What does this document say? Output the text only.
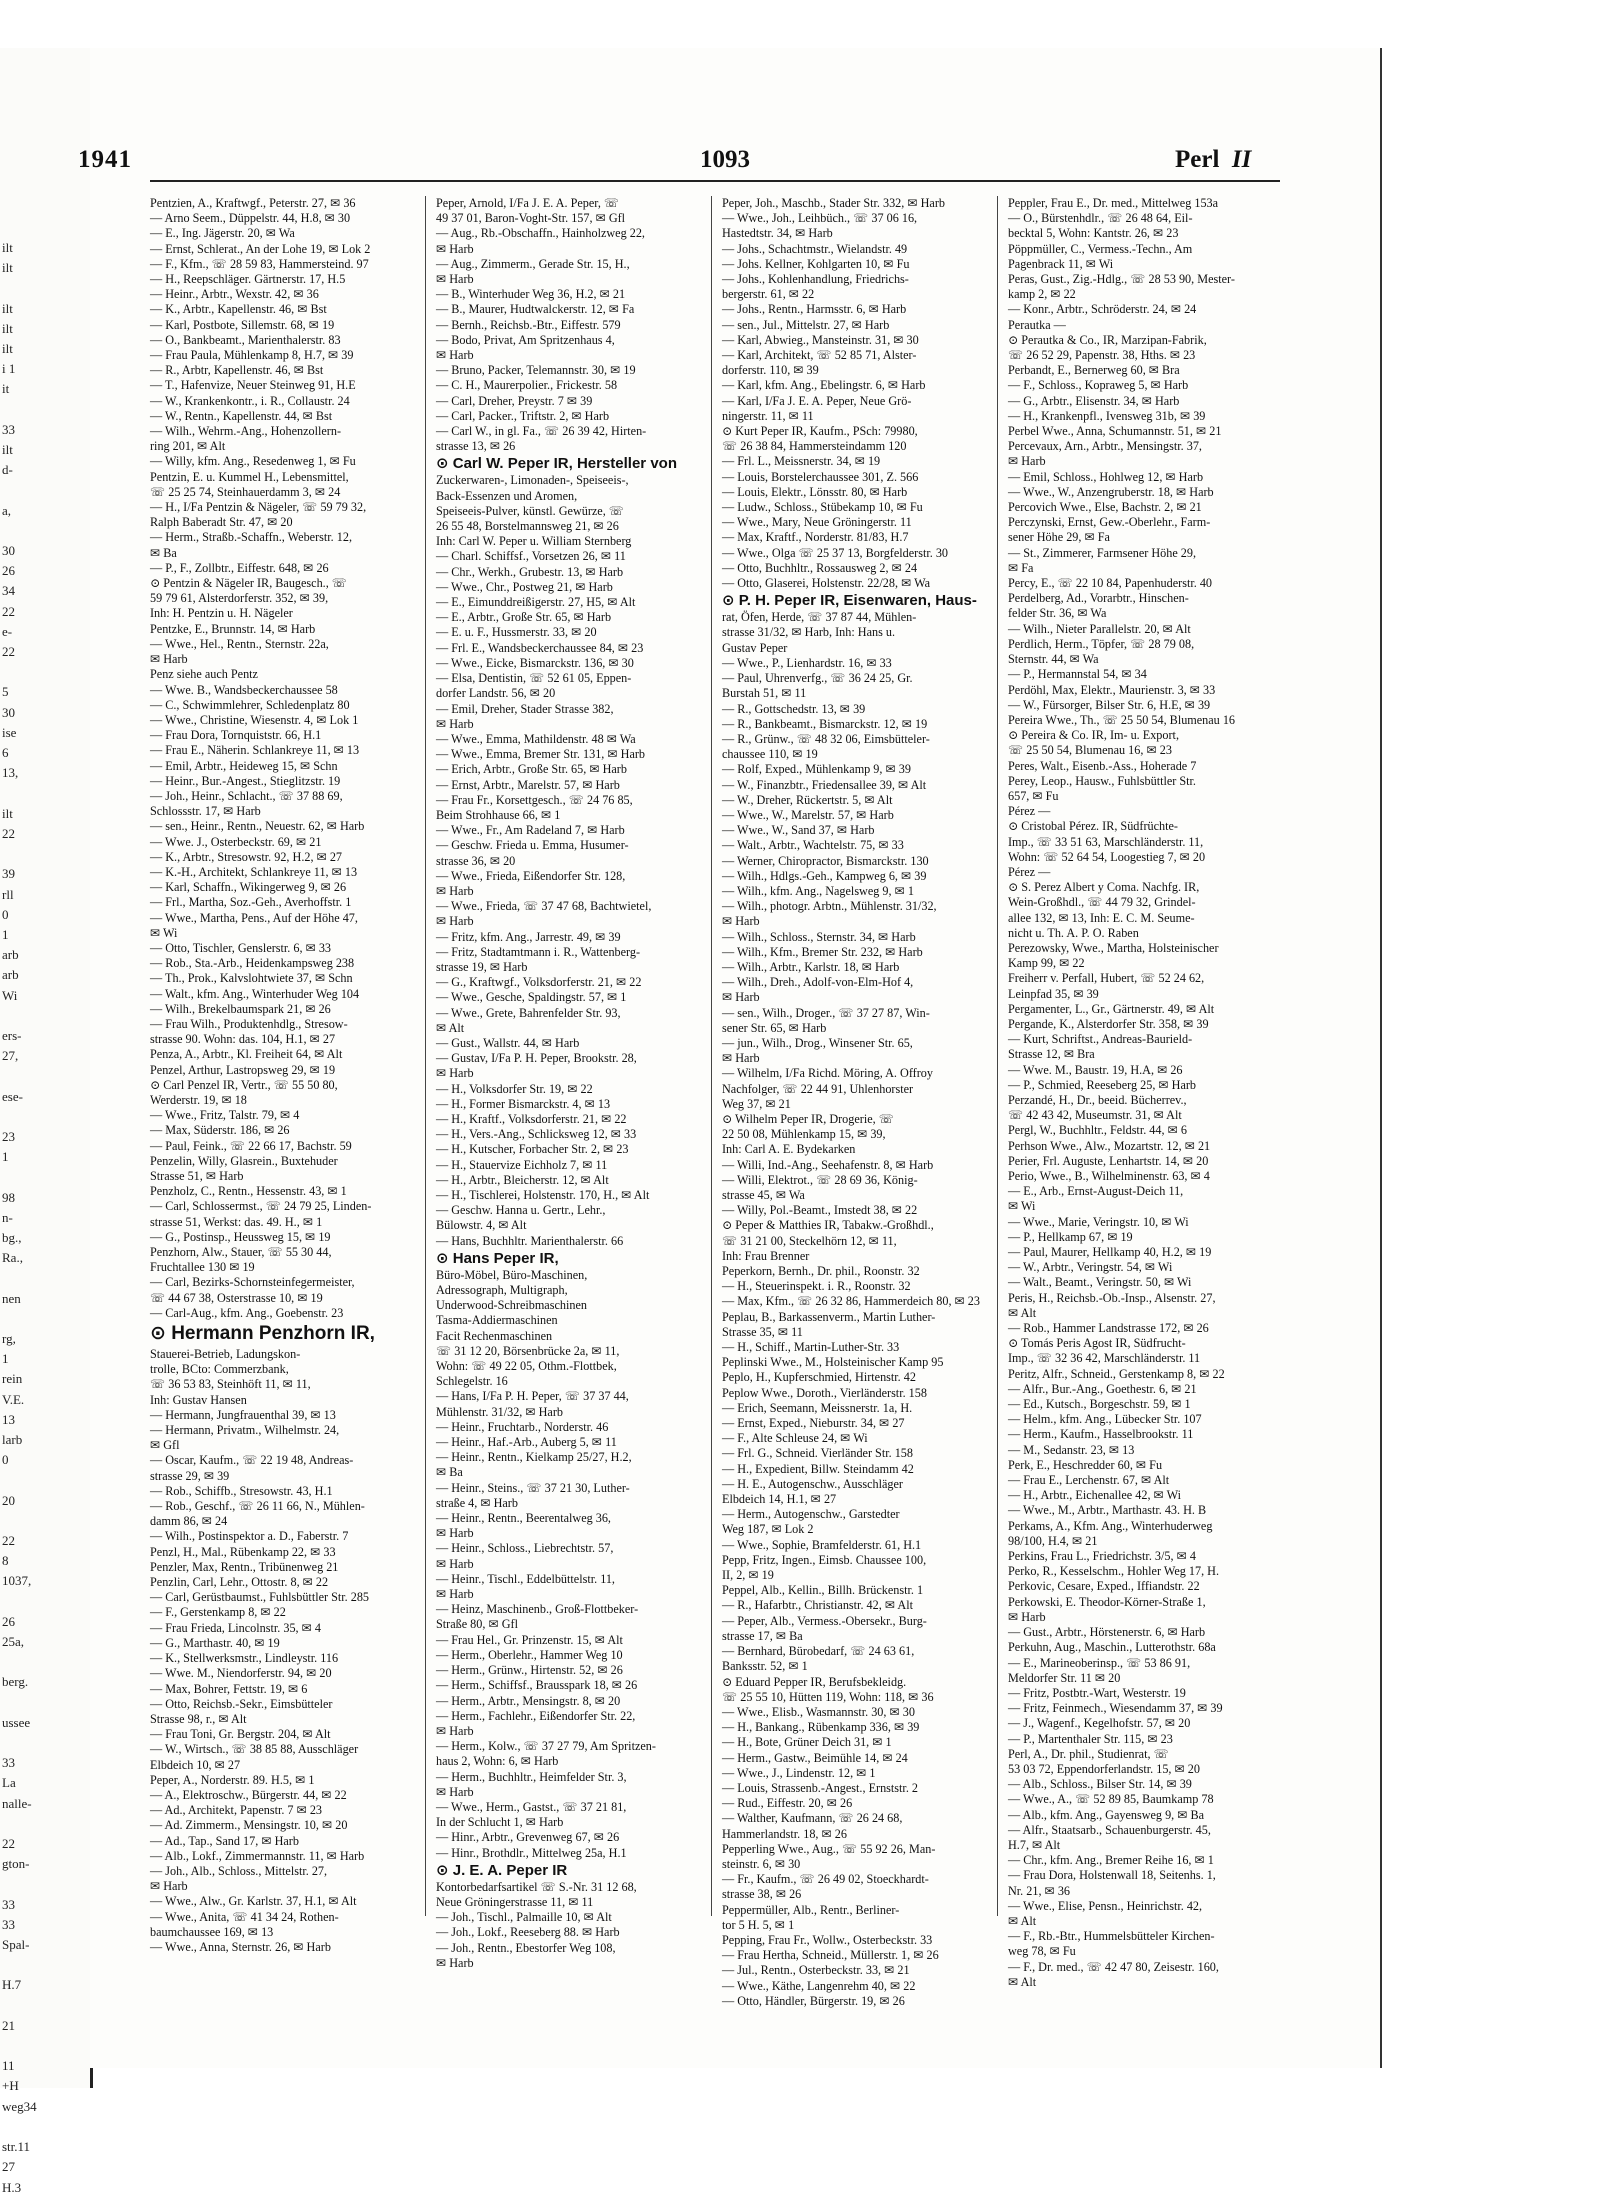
ilt
ilt

ilt
ilt
ilt
i 1
it

33
ilt
d-

a,

30
26
34
22
e-
22

5
30
ise
6
13,

ilt
22

39
rll
0
1
arb
arb
Wi

ers-
27,

ese-

23
1

98
n-
bg.,
Ra.,

nen

rg,
1
rein
V.E.
13
larb
0

20

22
8
1037,

26
25a,

berg.

ussee

33
La
nalle-

22
gton-

33
33
Spal-

H.7

21

11
+H
weg34

str.11
27
H.3
1941	1093	Perl II
Pentzien, A., Kraftwgf., Peterstr. 27, ✉ 36
— Arno Seem., Düppelstr. 44, H.8, ✉ 30
— E., Ing. Jägerstr. 20, ✉ Wa
— Ernst, Schlerat., An der Lohe 19, ✉ Lok 2
— F., Kfm., ☏ 28 59 83, Hammersteind. 97
— H., Reepschläger. Gärtnerstr. 17, H.5
— Heinr., Arbtr., Wexstr. 42, ✉ 36
— K., Arbtr., Kapellenstr. 46, ✉ Bst
— Karl, Postbote, Sillemstr. 68, ✉ 19
— O., Bankbeamt., Marienthalerstr. 83
— Frau Paula, Mühlenkamp 8, H.7, ✉ 39
— R., Arbtr, Kapellenstr. 46, ✉ Bst
— T., Hafenvize, Neuer Steinweg 91, H.E
— W., Krankenkontr., i. R., Collaustr. 24
— W., Rentn., Kapellenstr. 44, ✉ Bst
— Wilh., Wehrm.-Ang., Hohenzollern-
ring 201, ✉ Alt
— Willy, kfm. Ang., Resedenweg 1, ✉ Fu
Pentzin, E. u. Kummel H., Lebensmittel,
☏ 25 25 74, Steinhauerdamm 3, ✉ 24
— H., I/Fa Pentzin & Nägeler, ☏ 59 79 32,
Ralph Baberadt Str. 47, ✉ 20
— Herm., Straßb.-Schaffn., Weberstr. 12,
✉ Ba
— P., F., Zollbtr., Eiffestr. 648, ✉ 26
⊙ Pentzin & Nägeler IR, Baugesch., ☏
59 79 61, Alsterdorferstr. 352, ✉ 39,
Inh: H. Pentzin u. H. Nägeler
Pentzke, E., Brunnstr. 14, ✉ Harb
— Wwe., Hel., Rentn., Sternstr. 22a,
✉ Harb
Penz siehe auch Pentz
— Wwe. B., Wandsbeckerchaussee 58
— C., Schwimmlehrer, Schledenplatz 80
— Wwe., Christine, Wiesenstr. 4, ✉ Lok 1
— Frau Dora, Tornquiststr. 66, H.1
— Frau E., Näherin. Schlankreye 11, ✉ 13
— Emil, Arbtr., Heideweg 15, ✉ Schn
— Heinr., Bur.-Angest., Stieglitzstr. 19
— Joh., Heinr., Schlacht., ☏ 37 88 69,
Schlossstr. 17, ✉ Harb
— sen., Heinr., Rentn., Neuestr. 62, ✉ Harb
— Wwe. J., Osterbeckstr. 69, ✉ 21
— K., Arbtr., Stresowstr. 92, H.2, ✉ 27
— K.-H., Architekt, Schlankreye 11, ✉ 13
— Karl, Schaffn., Wikingerweg 9, ✉ 26
— Frl., Martha, Soz.-Geh., Averhoffstr. 1
— Wwe., Martha, Pens., Auf der Höhe 47,
✉ Wi
— Otto, Tischler, Genslerstr. 6, ✉ 33
— Rob., Sta.-Arb., Heidenkampsweg 238
— Th., Prok., Kalvslohtwiete 37, ✉ Schn
— Walt., kfm. Ang., Winterhuder Weg 104
— Wilh., Brekelbaumspark 21, ✉ 26
— Frau Wilh., Produktenhdlg., Stresow-
strasse 90. Wohn: das. 104, H.1, ✉ 27
Penza, A., Arbtr., Kl. Freiheit 64, ✉ Alt
Penzel, Arthur, Lastropsweg 29, ✉ 19
⊙ Carl Penzel IR, Vertr., ☏ 55 50 80,
Werderstr. 19, ✉ 18
— Wwe., Fritz, Talstr. 79, ✉ 4
— Max, Süderstr. 186, ✉ 26
— Paul, Feink., ☏ 22 66 17, Bachstr. 59
Penzelin, Willy, Glasrein., Buxtehuder
Strasse 51, ✉ Harb
Penzholz, C., Rentn., Hessenstr. 43, ✉ 1
— Carl, Schlossermst., ☏ 24 79 25, Linden-
strasse 51, Werkst: das. 49. H., ✉ 1
— G., Postinsp., Heussweg 15, ✉ 19
Penzhorn, Alw., Stauer, ☏ 55 30 44,
Fruchtallee 130 ✉ 19
— Carl, Bezirks-Schornsteinfegermeister,
☏ 44 67 38, Osterstrasse 10, ✉ 19
— Carl-Aug., kfm. Ang., Goebenstr. 23
⊙ Hermann Penzhorn IR,
Stauerei-Betrieb, Ladungskon-
trolle, BCto: Commerzbank,
☏ 36 53 83, Steinhöft 11, ✉ 11,
Inh: Gustav Hansen
— Hermann, Jungfrauenthal 39, ✉ 13
— Hermann, Privatm., Wilhelmstr. 24,
✉ Gfl
— Oscar, Kaufm., ☏ 22 19 48, Andreas-
strasse 29, ✉ 39
— Rob., Schiffb., Stresowstr. 43, H.1
— Rob., Geschf., ☏ 26 11 66, N., Mühlen-
damm 86, ✉ 24
— Wilh., Postinspektor a. D., Faberstr. 7
Penzl, H., Mal., Rübenkamp 22, ✉ 33
Penzler, Max, Rentn., Tribünenweg 21
Penzlin, Carl, Lehr., Ottostr. 8, ✉ 22
— Carl, Gerüstbaumst., Fuhlsbüttler Str. 285
— F., Gerstenkamp 8, ✉ 22
— Frau Frieda, Lincolnstr. 35, ✉ 4
— G., Marthastr. 40, ✉ 19
— K., Stellwerksmstr., Lindleystr. 116
— Wwe. M., Niendorferstr. 94, ✉ 20
— Max, Bohrer, Fettstr. 19, ✉ 6
— Otto, Reichsb.-Sekr., Eimsbütteler
Strasse 98, r., ✉ Alt
— Frau Toni, Gr. Bergstr. 204, ✉ Alt
— W., Wirtsch., ☏ 38 85 88, Ausschläger
Elbdeich 10, ✉ 27
Peper, A., Norderstr. 89. H.5, ✉ 1
— A., Elektroschw., Bürgerstr. 44, ✉ 22
— Ad., Architekt, Papenstr. 7 ✉ 23
— Ad. Zimmerm., Mensingstr. 10, ✉ 20
— Ad., Tap., Sand 17, ✉ Harb
— Alb., Lokf., Zimmermannstr. 11, ✉ Harb
— Joh., Alb., Schloss., Mittelstr. 27,
✉ Harb
— Wwe., Alw., Gr. Karlstr. 37, H.1, ✉ Alt
— Wwe., Anita, ☏ 41 34 24, Rothen-
baumchaussee 169, ✉ 13
— Wwe., Anna, Sternstr. 26, ✉ Harb
Peper, Arnold, I/Fa J. E. A. Peper, ☏
49 37 01, Baron-Voght-Str. 157, ✉ Gfl
— Aug., Rb.-Obschaffn., Hainholzweg 22,
✉ Harb
— Aug., Zimmerm., Gerade Str. 15, H.,
✉ Harb
— B., Winterhuder Weg 36, H.2, ✉ 21
— B., Maurer, Hudtwalckerstr. 12, ✉ Fa
— Bernh., Reichsb.-Btr., Eiffestr. 579
— Bodo, Privat, Am Spritzenhaus 4,
✉ Harb
— Bruno, Packer, Telemannstr. 30, ✉ 19
— C. H., Maurerpolier., Frickestr. 58
— Carl, Dreher, Preystr. 7 ✉ 39
— Carl, Packer., Triftstr. 2, ✉ Harb
— Carl W., in gl. Fa., ☏ 26 39 42, Hirten-
strasse 13, ✉ 26
⊙ Carl W. Peper IR, Hersteller von
Zuckerwaren-, Limonaden-, Speiseeis-,
Back-Essenzen und Aromen,
Speiseeis-Pulver, künstl. Gewürze, ☏
26 55 48, Borstelmannsweg 21, ✉ 26
Inh: Carl W. Peper u. William Sternberg
— Charl. Schiffsf., Vorsetzen 26, ✉ 11
— Chr., Werkh., Grubestr. 13, ✉ Harb
— Wwe., Chr., Postweg 21, ✉ Harb
— E., Eimunddreißigerstr. 27, H5, ✉ Alt
— E., Arbtr., Große Str. 65, ✉ Harb
— E. u. F., Hussmerstr. 33, ✉ 20
— Frl. E., Wandsbeckerchaussee 84, ✉ 23
— Wwe., Eicke, Bismarckstr. 136, ✉ 30
— Elsa, Dentistin, ☏ 52 61 05, Eppen-
dorfer Landstr. 56, ✉ 20
— Emil, Dreher, Stader Strasse 382,
✉ Harb
— Wwe., Emma, Mathildenstr. 48 ✉ Wa
— Wwe., Emma, Bremer Str. 131, ✉ Harb
— Erich, Arbtr., Große Str. 65, ✉ Harb
— Ernst, Arbtr., Marelstr. 57, ✉ Harb
— Frau Fr., Korsettgesch., ☏ 24 76 85,
Beim Strohhause 66, ✉ 1
— Wwe., Fr., Am Radeland 7, ✉ Harb
— Geschw. Frieda u. Emma, Husumer-
strasse 36, ✉ 20
— Wwe., Frieda, Eißendorfer Str. 128,
✉ Harb
— Wwe., Frieda, ☏ 37 47 68, Bachtwietel,
✉ Harb
— Fritz, kfm. Ang., Jarrestr. 49, ✉ 39
— Fritz, Stadtamtmann i. R., Wattenberg-
strasse 19, ✉ Harb
— G., Kraftwgf., Volksdorferstr. 21, ✉ 22
— Wwe., Gesche, Spaldingstr. 57, ✉ 1
— Wwe., Grete, Bahrenfelder Str. 93,
✉ Alt
— Gust., Wallstr. 44, ✉ Harb
— Gustav, I/Fa P. H. Peper, Brookstr. 28,
✉ Harb
— H., Volksdorfer Str. 19, ✉ 22
— H., Former Bismarckstr. 4, ✉ 13
— H., Kraftf., Volksdorferstr. 21, ✉ 22
— H., Vers.-Ang., Schlicksweg 12, ✉ 33
— H., Kutscher, Forbacher Str. 2, ✉ 23
— H., Stauervize Eichholz 7, ✉ 11
— H., Arbtr., Bleicherstr. 12, ✉ Alt
— H., Tischlerei, Holstenstr. 170, H., ✉ Alt
— Geschw. Hanna u. Gertr., Lehr.,
Bülowstr. 4, ✉ Alt
— Hans, Buchhltr. Marienthalerstr. 66
⊙ Hans Peper IR,
Büro-Möbel, Büro-Maschinen,
Adressograph, Multigraph,
Underwood-Schreibmaschinen
Tasma-Addiermaschinen
Facit Rechenmaschinen
☏ 31 12 20, Börsenbrücke 2a, ✉ 11,
Wohn: ☏ 49 22 05, Othm.-Flottbek,
Schlegelstr. 16
— Hans, I/Fa P. H. Peper, ☏ 37 37 44,
Mühlenstr. 31/32, ✉ Harb
— Heinr., Fruchtarb., Norderstr. 46
— Heinr., Haf.-Arb., Auberg 5, ✉ 11
— Heinr., Rentn., Kielkamp 25/27, H.2,
✉ Ba
— Heinr., Steins., ☏ 37 21 30, Luther-
straße 4, ✉ Harb
— Heinr., Rentn., Beerentalweg 36,
✉ Harb
— Heinr., Schloss., Liebrechtstr. 57,
✉ Harb
— Heinr., Tischl., Eddelbüttelstr. 11,
✉ Harb
— Heinz, Maschinenb., Groß-Flottbeker-
Straße 80, ✉ Gfl
— Frau Hel., Gr. Prinzenstr. 15, ✉ Alt
— Herm., Oberlehr., Hammer Weg 10
— Herm., Grünw., Hirtenstr. 52, ✉ 26
— Herm., Schiffsf., Brausspark 18, ✉ 26
— Herm., Arbtr., Mensingstr. 8, ✉ 20
— Herm., Fachlehr., Eißendorfer Str. 22,
✉ Harb
— Herm., Kolw., ☏ 37 27 79, Am Spritzen-
haus 2, Wohn: 6, ✉ Harb
— Herm., Buchhltr., Heimfelder Str. 3,
✉ Harb
— Wwe., Herm., Gastst., ☏ 37 21 81,
In der Schlucht 1, ✉ Harb
— Hinr., Arbtr., Grevenweg 67, ✉ 26
— Hinr., Brothdlr., Mittelweg 25a, H.1
⊙ J. E. A. Peper IR
Kontorbedarfsartikel ☏ S.-Nr. 31 12 68,
Neue Gröningerstrasse 11, ✉ 11
— Joh., Tischl., Palmaille 10, ✉ Alt
— Joh., Lokf., Reeseberg 88. ✉ Harb
— Joh., Rentn., Ebestorfer Weg 108,
✉ Harb
Peper, Joh., Maschb., Stader Str. 332, ✉ Harb
— Wwe., Joh., Leihbüch., ☏ 37 06 16,
Hastedtstr. 34, ✉ Harb
— Johs., Schachtmstr., Wielandstr. 49
— Johs. Kellner, Kohlgarten 10, ✉ Fu
— Johs., Kohlenhandlung, Friedrichs-
bergerstr. 61, ✉ 22
— Johs., Rentn., Harmsstr. 6, ✉ Harb
— sen., Jul., Mittelstr. 27, ✉ Harb
— Karl, Abwieg., Mansteinstr. 31, ✉ 30
— Karl, Architekt, ☏ 52 85 71, Alster-
dorferstr. 110, ✉ 39
— Karl, kfm. Ang., Ebelingstr. 6, ✉ Harb
— Karl, I/Fa J. E. A. Peper, Neue Grö-
ningerstr. 11, ✉ 11
⊙ Kurt Peper IR, Kaufm., PSch: 79980,
☏ 26 38 84, Hammersteindamm 120
— Frl. L., Meissnerstr. 34, ✉ 19
— Louis, Borstelerchaussee 301, Z. 566
— Louis, Elektr., Lönsstr. 80, ✉ Harb
— Ludw., Schloss., Stübekamp 10, ✉ Fu
— Wwe., Mary, Neue Gröningerstr. 11
— Max, Kraftf., Norderstr. 81/83, H.7
— Wwe., Olga ☏ 25 37 13, Borgfelderstr. 30
— Otto, Buchhltr., Rossausweg 2, ✉ 24
— Otto, Glaserei, Holstenstr. 22/28, ✉ Wa
⊙ P. H. Peper IR, Eisenwaren, Haus-
rat, Öfen, Herde, ☏ 37 87 44, Mühlen-
strasse 31/32, ✉ Harb, Inh: Hans u.
Gustav Peper
— Wwe., P., Lienhardstr. 16, ✉ 33
— Paul, Uhrenverfg., ☏ 36 24 25, Gr.
Burstah 51, ✉ 11
— R., Gottschedstr. 13, ✉ 39
— R., Bankbeamt., Bismarckstr. 12, ✉ 19
— R., Grünw., ☏ 48 32 06, Eimsbütteler-
chaussee 110, ✉ 19
— Rolf, Exped., Mühlenkamp 9, ✉ 39
— W., Finanzbtr., Friedensallee 39, ✉ Alt
— W., Dreher, Rückertstr. 5, ✉ Alt
— Wwe., W., Marelstr. 57, ✉ Harb
— Wwe., W., Sand 37, ✉ Harb
— Walt., Arbtr., Wachtelstr. 75, ✉ 33
— Werner, Chiropractor, Bismarckstr. 130
— Wilh., Hdlgs.-Geh., Kampweg 6, ✉ 39
— Wilh., kfm. Ang., Nagelsweg 9, ✉ 1
— Wilh., photogr. Arbtn., Mühlenstr. 31/32,
✉ Harb
— Wilh., Schloss., Sternstr. 34, ✉ Harb
— Wilh., Kfm., Bremer Str. 232, ✉ Harb
— Wilh., Arbtr., Karlstr. 18, ✉ Harb
— Wilh., Dreh., Adolf-von-Elm-Hof 4,
✉ Harb
— sen., Wilh., Droger., ☏ 37 27 87, Win-
sener Str. 65, ✉ Harb
— jun., Wilh., Drog., Winsener Str. 65,
✉ Harb
— Wilhelm, I/Fa Richd. Möring, A. Offroy
Nachfolger, ☏ 22 44 91, Uhlenhorster
Weg 37, ✉ 21
⊙ Wilhelm Peper IR, Drogerie, ☏
22 50 08, Mühlenkamp 15, ✉ 39,
Inh: Carl A. E. Bydekarken
— Willi, Ind.-Ang., Seehafenstr. 8, ✉ Harb
— Willi, Elektrot., ☏ 28 69 36, König-
strasse 45, ✉ Wa
— Willy, Pol.-Beamt., Imstedt 38, ✉ 22
⊙ Peper & Matthies IR, Tabakw.-Großhdl.,
☏ 31 21 00, Steckelhörn 12, ✉ 11,
Inh: Frau Brenner
Peperkorn, Bernh., Dr. phil., Roonstr. 32
— H., Steuerinspekt. i. R., Roonstr. 32
— Max, Kfm., ☏ 26 32 86, Hammerdeich 80, ✉ 23
Peplau, B., Barkassenverm., Martin Luther-
Strasse 35, ✉ 11
— H., Schiff., Martin-Luther-Str. 33
Peplinski Wwe., M., Holsteinischer Kamp 95
Peplo, H., Kupferschmied, Hirtenstr. 42
Peplow Wwe., Doroth., Vierländerstr. 158
— Erich, Seemann, Meissnerstr. 1a, H.
— Ernst, Exped., Nieburstr. 34, ✉ 27
— F., Alte Schleuse 24, ✉ Wi
— Frl. G., Schneid. Vierländer Str. 158
— H., Expedient, Billw. Steindamm 42
— H. E., Autogenschw., Ausschläger
Elbdeich 14, H.1, ✉ 27
— Herm., Autogenschw., Garstedter
Weg 187, ✉ Lok 2
— Wwe., Sophie, Bramfelderstr. 61, H.1
Pepp, Fritz, Ingen., Eimsb. Chaussee 100,
II, 2, ✉ 19
Peppel, Alb., Kellin., Billh. Brückenstr. 1
— R., Hafarbtr., Christianstr. 42, ✉ Alt
— Peper, Alb., Vermess.-Obersekr., Burg-
strasse 17, ✉ Ba
— Bernhard, Bürobedarf, ☏ 24 63 61,
Banksstr. 52, ✉ 1
⊙ Eduard Pepper IR, Berufsbekleidg.
☏ 25 55 10, Hütten 119, Wohn: 118, ✉ 36
— Wwe., Elisb., Wasmannstr. 30, ✉ 30
— H., Bankang., Rübenkamp 336, ✉ 39
— H., Bote, Grüner Deich 31, ✉ 1
— Herm., Gastw., Beimühle 14, ✉ 24
— Wwe., J., Lindenstr. 12, ✉ 1
— Louis, Strassenb.-Angest., Ernststr. 2
— Rud., Eiffestr. 20, ✉ 26
— Walther, Kaufmann, ☏ 26 24 68,
Hammerlandstr. 18, ✉ 26
Pepperling Wwe., Aug., ☏ 55 92 26, Man-
steinstr. 6, ✉ 30
— Fr., Kaufm., ☏ 26 49 02, Stoeckhardt-
strasse 38, ✉ 26
Peppermüller, Alb., Rentr., Berliner-
tor 5 H. 5, ✉ 1
Pepping, Frau Fr., Wollw., Osterbeckstr. 33
— Frau Hertha, Schneid., Müllerstr. 1, ✉ 26
— Jul., Rentn., Osterbeckstr. 33, ✉ 21
— Wwe., Käthe, Langenrehm 40, ✉ 22
— Otto, Händler, Bürgerstr. 19, ✉ 26
Peppler, Frau E., Dr. med., Mittelweg 153a
— O., Bürstenhdlr., ☏ 26 48 64, Eil-
becktal 5, Wohn: Kantstr. 26, ✉ 23
Pöppmüller, C., Vermess.-Techn., Am
Pagenbrack 11, ✉ Wi
Peras, Gust., Zig.-Hdlg., ☏ 28 53 90, Mester-
kamp 2, ✉ 22
— Konr., Arbtr., Schröderstr. 24, ✉ 24
Perautka —
⊙ Perautka & Co., IR, Marzipan-Fabrik,
☏ 26 52 29, Papenstr. 38, Hths. ✉ 23
Perbandt, E., Bernerweg 60, ✉ Bra
— F., Schloss., Kopraweg 5, ✉ Harb
— G., Arbtr., Elisenstr. 34, ✉ Harb
— H., Krankenpfl., Ivensweg 31b, ✉ 39
Perbel Wwe., Anna, Schumannstr. 51, ✉ 21
Percevaux, Arn., Arbtr., Mensingstr. 37,
✉ Harb
— Emil, Schloss., Hohlweg 12, ✉ Harb
— Wwe., W., Anzengruberstr. 18, ✉ Harb
Percovich Wwe., Else, Bachstr. 2, ✉ 21
Perczynski, Ernst, Gew.-Oberlehr., Farm-
sener Höhe 29, ✉ Fa
— St., Zimmerer, Farmsener Höhe 29,
✉ Fa
Percy, E., ☏ 22 10 84, Papenhuderstr. 40
Perdelberg, Ad., Vorarbtr., Hinschen-
felder Str. 36, ✉ Wa
— Wilh., Nieter Parallelstr. 20, ✉ Alt
Perdlich, Herm., Töpfer, ☏ 28 79 08,
Sternstr. 44, ✉ Wa
— P., Hermannstal 54, ✉ 34
Perdöhl, Max, Elektr., Maurienstr. 3, ✉ 33
— W., Fürsorger, Bilser Str. 6, H.E, ✉ 39
Pereira Wwe., Th., ☏ 25 50 54, Blumenau 16
⊙ Pereira & Co. IR, Im- u. Export,
☏ 25 50 54, Blumenau 16, ✉ 23
Peres, Walt., Eisenb.-Ass., Hoherade 7
Perey, Leop., Hausw., Fuhlsbüttler Str.
657, ✉ Fu
Pérez —
⊙ Cristobal Pérez. IR, Südfrüchte-
Imp., ☏ 33 51 63, Marschländerstr. 11,
Wohn: ☏ 52 64 54, Loogestieg 7, ✉ 20
Pérez —
⊙ S. Perez Albert y Coma. Nachfg. IR,
Wein-Großhdl., ☏ 44 79 32, Grindel-
allee 132, ✉ 13, Inh: E. C. M. Seume-
nicht u. Th. A. P. O. Raben
Perezowsky, Wwe., Martha, Holsteinischer
Kamp 99, ✉ 22
Freiherr v. Perfall, Hubert, ☏ 52 24 62,
Leinpfad 35, ✉ 39
Pergamenter, L., Gr., Gärtnerstr. 49, ✉ Alt
Pergande, K., Alsterdorfer Str. 358, ✉ 39
— Kurt, Schriftst., Andreas-Baurield-
Strasse 12, ✉ Bra
— Wwe. M., Baustr. 19, H.A, ✉ 26
— P., Schmied, Reeseberg 25, ✉ Harb
Perzandé, H., Dr., beeid. Bücherrev.,
☏ 42 43 42, Museumstr. 31, ✉ Alt
Pergl, W., Buchhltr., Feldstr. 44, ✉ 6
Perhson Wwe., Alw., Mozartstr. 12, ✉ 21
Perier, Frl. Auguste, Lenhartstr. 14, ✉ 20
Perio, Wwe., B., Wilhelminenstr. 63, ✉ 4
— E., Arb., Ernst-August-Deich 11,
✉ Wi
— Wwe., Marie, Veringstr. 10, ✉ Wi
— P., Hellkamp 67, ✉ 19
— Paul, Maurer, Hellkamp 40, H.2, ✉ 19
— W., Arbtr., Veringstr. 54, ✉ Wi
— Walt., Beamt., Veringstr. 50, ✉ Wi
Peris, H., Reichsb.-Ob.-Insp., Alsenstr. 27,
✉ Alt
— Rob., Hammer Landstrasse 172, ✉ 26
⊙ Tomás Peris Agost IR, Südfrucht-
Imp., ☏ 32 36 42, Marschländerstr. 11
Peritz, Alfr., Schneid., Gerstenkamp 8, ✉ 22
— Alfr., Bur.-Ang., Goethestr. 6, ✉ 21
— Ed., Kutsch., Borgeschstr. 59, ✉ 1
— Helm., kfm. Ang., Lübecker Str. 107
— Herm., Kaufm., Hasselbrookstr. 11
— M., Sedanstr. 23, ✉ 13
Perk, E., Heschredder 60, ✉ Fu
— Frau E., Lerchenstr. 67, ✉ Alt
— H., Arbtr., Eichenallee 42, ✉ Wi
— Wwe., M., Arbtr., Marthastr. 43. H. B
Perkams, A., Kfm. Ang., Winterhuderweg
98/100, H.4, ✉ 21
Perkins, Frau L., Friedrichstr. 3/5, ✉ 4
Perko, R., Kesselschm., Hohler Weg 17, H.
Perkovic, Cesare, Exped., Iffiandstr. 22
Perkowski, E. Theodor-Körner-Straße 1,
✉ Harb
— Gust., Arbtr., Hörstenerstr. 6, ✉ Harb
Perkuhn, Aug., Maschin., Lutterothstr. 68a
— E., Marineoberinsp., ☏ 53 86 91,
Meldorfer Str. 11 ✉ 20
— Fritz, Postbtr.-Wart, Westerstr. 19
— Fritz, Feinmech., Wiesendamm 37, ✉ 39
— J., Wagenf., Kegelhofstr. 57, ✉ 20
— P., Martenthaler Str. 115, ✉ 23
Perl, A., Dr. phil., Studienrat, ☏
53 03 72, Eppendorferlandstr. 15, ✉ 20
— Alb., Schloss., Bilser Str. 14, ✉ 39
— Wwe., A., ☏ 52 89 85, Baumkamp 78
— Alb., kfm. Ang., Gayensweg 9, ✉ Ba
— Alfr., Staatsarb., Schauenburgerstr. 45,
H.7, ✉ Alt
— Chr., kfm. Ang., Bremer Reihe 16, ✉ 1
— Frau Dora, Holstenwall 18, Seitenhs. 1,
Nr. 21, ✉ 36
— Wwe., Elise, Pensn., Heinrichstr. 42,
✉ Alt
— F., Rb.-Btr., Hummelsbütteler Kirchen-
weg 78, ✉ Fu
— F., Dr. med., ☏ 42 47 80, Zeisestr. 160,
✉ Alt
